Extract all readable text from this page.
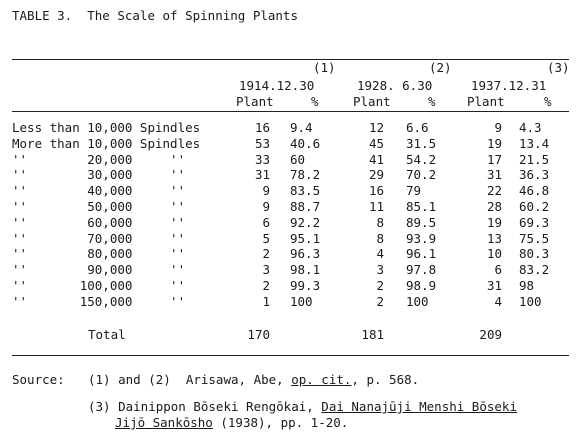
TABLE 3.  The Scale of Spinning Plants
(1)	(2)	(3)
1914.12.30	1928. 6.30	1937.12.31
Plant	%	Plant	%	Plant	%
Less than 10,000 Spindles	16 9.4	12 6.6	9 4.3
More than 10,000 Spindles	53 40.6	45 31.5	19 13.4
''        20,000     ''	33 60	41 54.2	17 21.5
''        30,000     ''	31 78.2	29 70.2	31 36.3
''        40,000     ''	9 83.5	16 79	22 46.8
''        50,000     ''	9 88.7	11 85.1	28 60.2
''        60,000     ''	6 92.2	8 89.5	19 69.3
''        70,000     ''	5 95.1	8 93.9	13 75.5
''        80,000     ''	2 96.3	4 96.1	10 80.3
''        90,000     ''	3 98.1	3 97.8	6 83.2
''       100,000     ''	2 99.3	2 98.9	31 98
''       150,000     ''	1 100	2 100	4 100
Total	170	181	209
Source: (1) and (2)  Arisawa, Abe, op. cit., p. 568.
(3) Dainippon Bōseki Rengōkai, Dai Nanajūji Menshi Bōseki
Jijō Sankōsho (1938), pp. 1-20.
